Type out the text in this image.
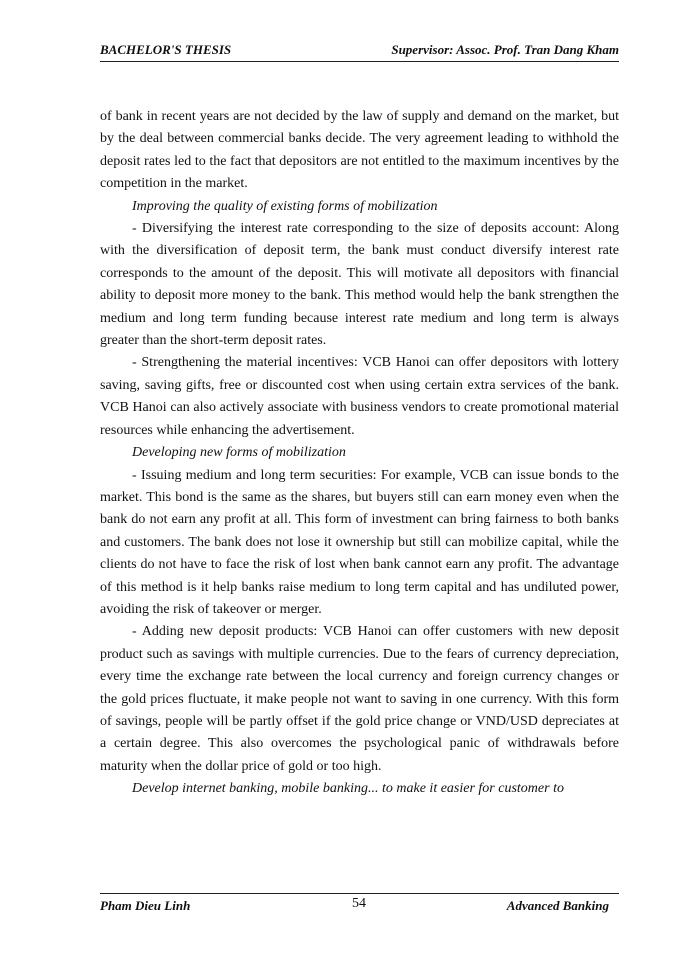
BACHELOR'S THESIS	Supervisor: Assoc. Prof. Tran Dang Kham

of bank in recent years are not decided by the law of supply and demand on the market, but by the deal between commercial banks decide. The very agreement leading to withhold the deposit rates led to the fact that depositors are not entitled to the maximum incentives by the competition in the market.

Improving the quality of existing forms of mobilization

- Diversifying the interest rate corresponding to the size of deposits account: Along with the diversification of deposit term, the bank must conduct diversify interest rate corresponds to the amount of the deposit. This will motivate all depositors with financial ability to deposit more money to the bank. This method would help the bank strengthen the medium and long term funding because interest rate medium and long term is always greater than the short-term deposit rates.

- Strengthening the material incentives: VCB Hanoi can offer depositors with lottery saving, saving gifts, free or discounted cost when using certain extra services of the bank. VCB Hanoi can also actively associate with business vendors to create promotional material resources while enhancing the advertisement.

Developing new forms of mobilization

- Issuing medium and long term securities: For example, VCB can issue bonds to the market. This bond is the same as the shares, but buyers still can earn money even when the bank do not earn any profit at all. This form of investment can bring fairness to both banks and customers. The bank does not lose it ownership but still can mobilize capital, while the clients do not have to face the risk of lost when bank cannot earn any profit. The advantage of this method is it help banks raise medium to long term capital and has undiluted power, avoiding the risk of takeover or merger.

- Adding new deposit products: VCB Hanoi can offer customers with new deposit product such as savings with multiple currencies. Due to the fears of currency depreciation, every time the exchange rate between the local currency and foreign currency changes or the gold prices fluctuate, it make people not want to saving in one currency. With this form of savings, people will be partly offset if the gold price change or VND/USD depreciates at a certain degree. This also overcomes the psychological panic of withdrawals before maturity when the dollar price of gold or too high.

Develop internet banking, mobile banking... to make it easier for customer to

Pham Dieu Linh	54	Advanced Banking
